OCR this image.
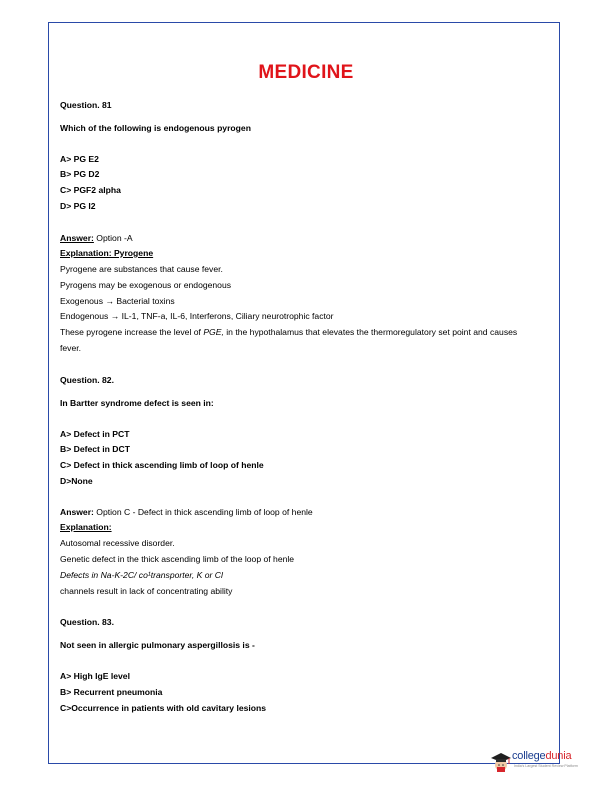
MEDICINE
Question. 81
Which of the following is endogenous pyrogen
A> PG E2
B> PG D2
C> PGF2 alpha
D> PG I2
Answer: Option -A
Explanation: Pyrogene
Pyrogene are substances that cause fever.
Pyrogens may be exogenous or endogenous
Exogenous → Bacterial toxins
Endogenous → IL-1, TNF-a, IL-6, Interferons, Ciliary neurotrophic factor
These pyrogene increase the level of PGE, in the hypothalamus that elevates the thermoregulatory set point and causes fever.
Question. 82.
In Bartter syndrome defect is seen in:
A> Defect in PCT
B> Defect in DCT
C> Defect in thick ascending limb of loop of henle
D>None
Answer: Option C - Defect in thick ascending limb of loop of henle
Explanation:
Autosomal recessive disorder.
Genetic defect in the thick ascending limb of the loop of henle
Defects in Na-K-2C/ co¹transporter, K or Cl
channels result in lack of concentrating ability
Question. 83.
Not seen in allergic pulmonary aspergillosis is -
A> High IgE level
B> Recurrent pneumonia
C>Occurrence in patients with old cavitary lesions
collegedunia
India's Largest Student Review Platform
